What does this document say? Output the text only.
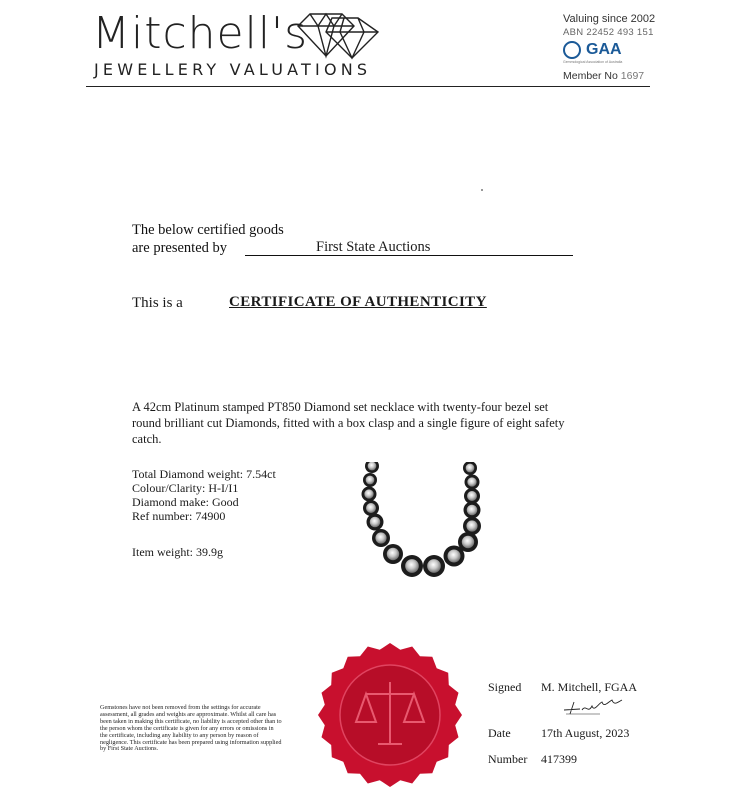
Mitchell's
JEWELLERY VALUATIONS
Valuing since 2002
ABN 22452 493 151
GAA
Gemmological Association of Australia
Member No 1697
The below certified goods
are presented by	First State Auctions
This is a	CERTIFICATE OF AUTHENTICITY
A 42cm Platinum stamped PT850 Diamond set necklace with twenty-four bezel set round brilliant cut Diamonds, fitted with a box clasp and a single figure of eight safety catch.
Total Diamond weight: 7.54ct
Colour/Clarity: H-I/I1
Diamond make: Good
Ref number: 74900
Item weight: 39.9g
Gemstones have not been removed from the settings for accurate assessment, all grades and weights are approximate. Whilst all care has been taken in making this certificate, no liability is accepted other than to the person whom the certificate is given for any errors or omissions in the certificate, including any liability to any person by reason of negligence. This certificate has been prepared using information supplied by First State Auctions.
Signed M. Mitchell, FGAA
Date	17th August, 2023
Number 417399
